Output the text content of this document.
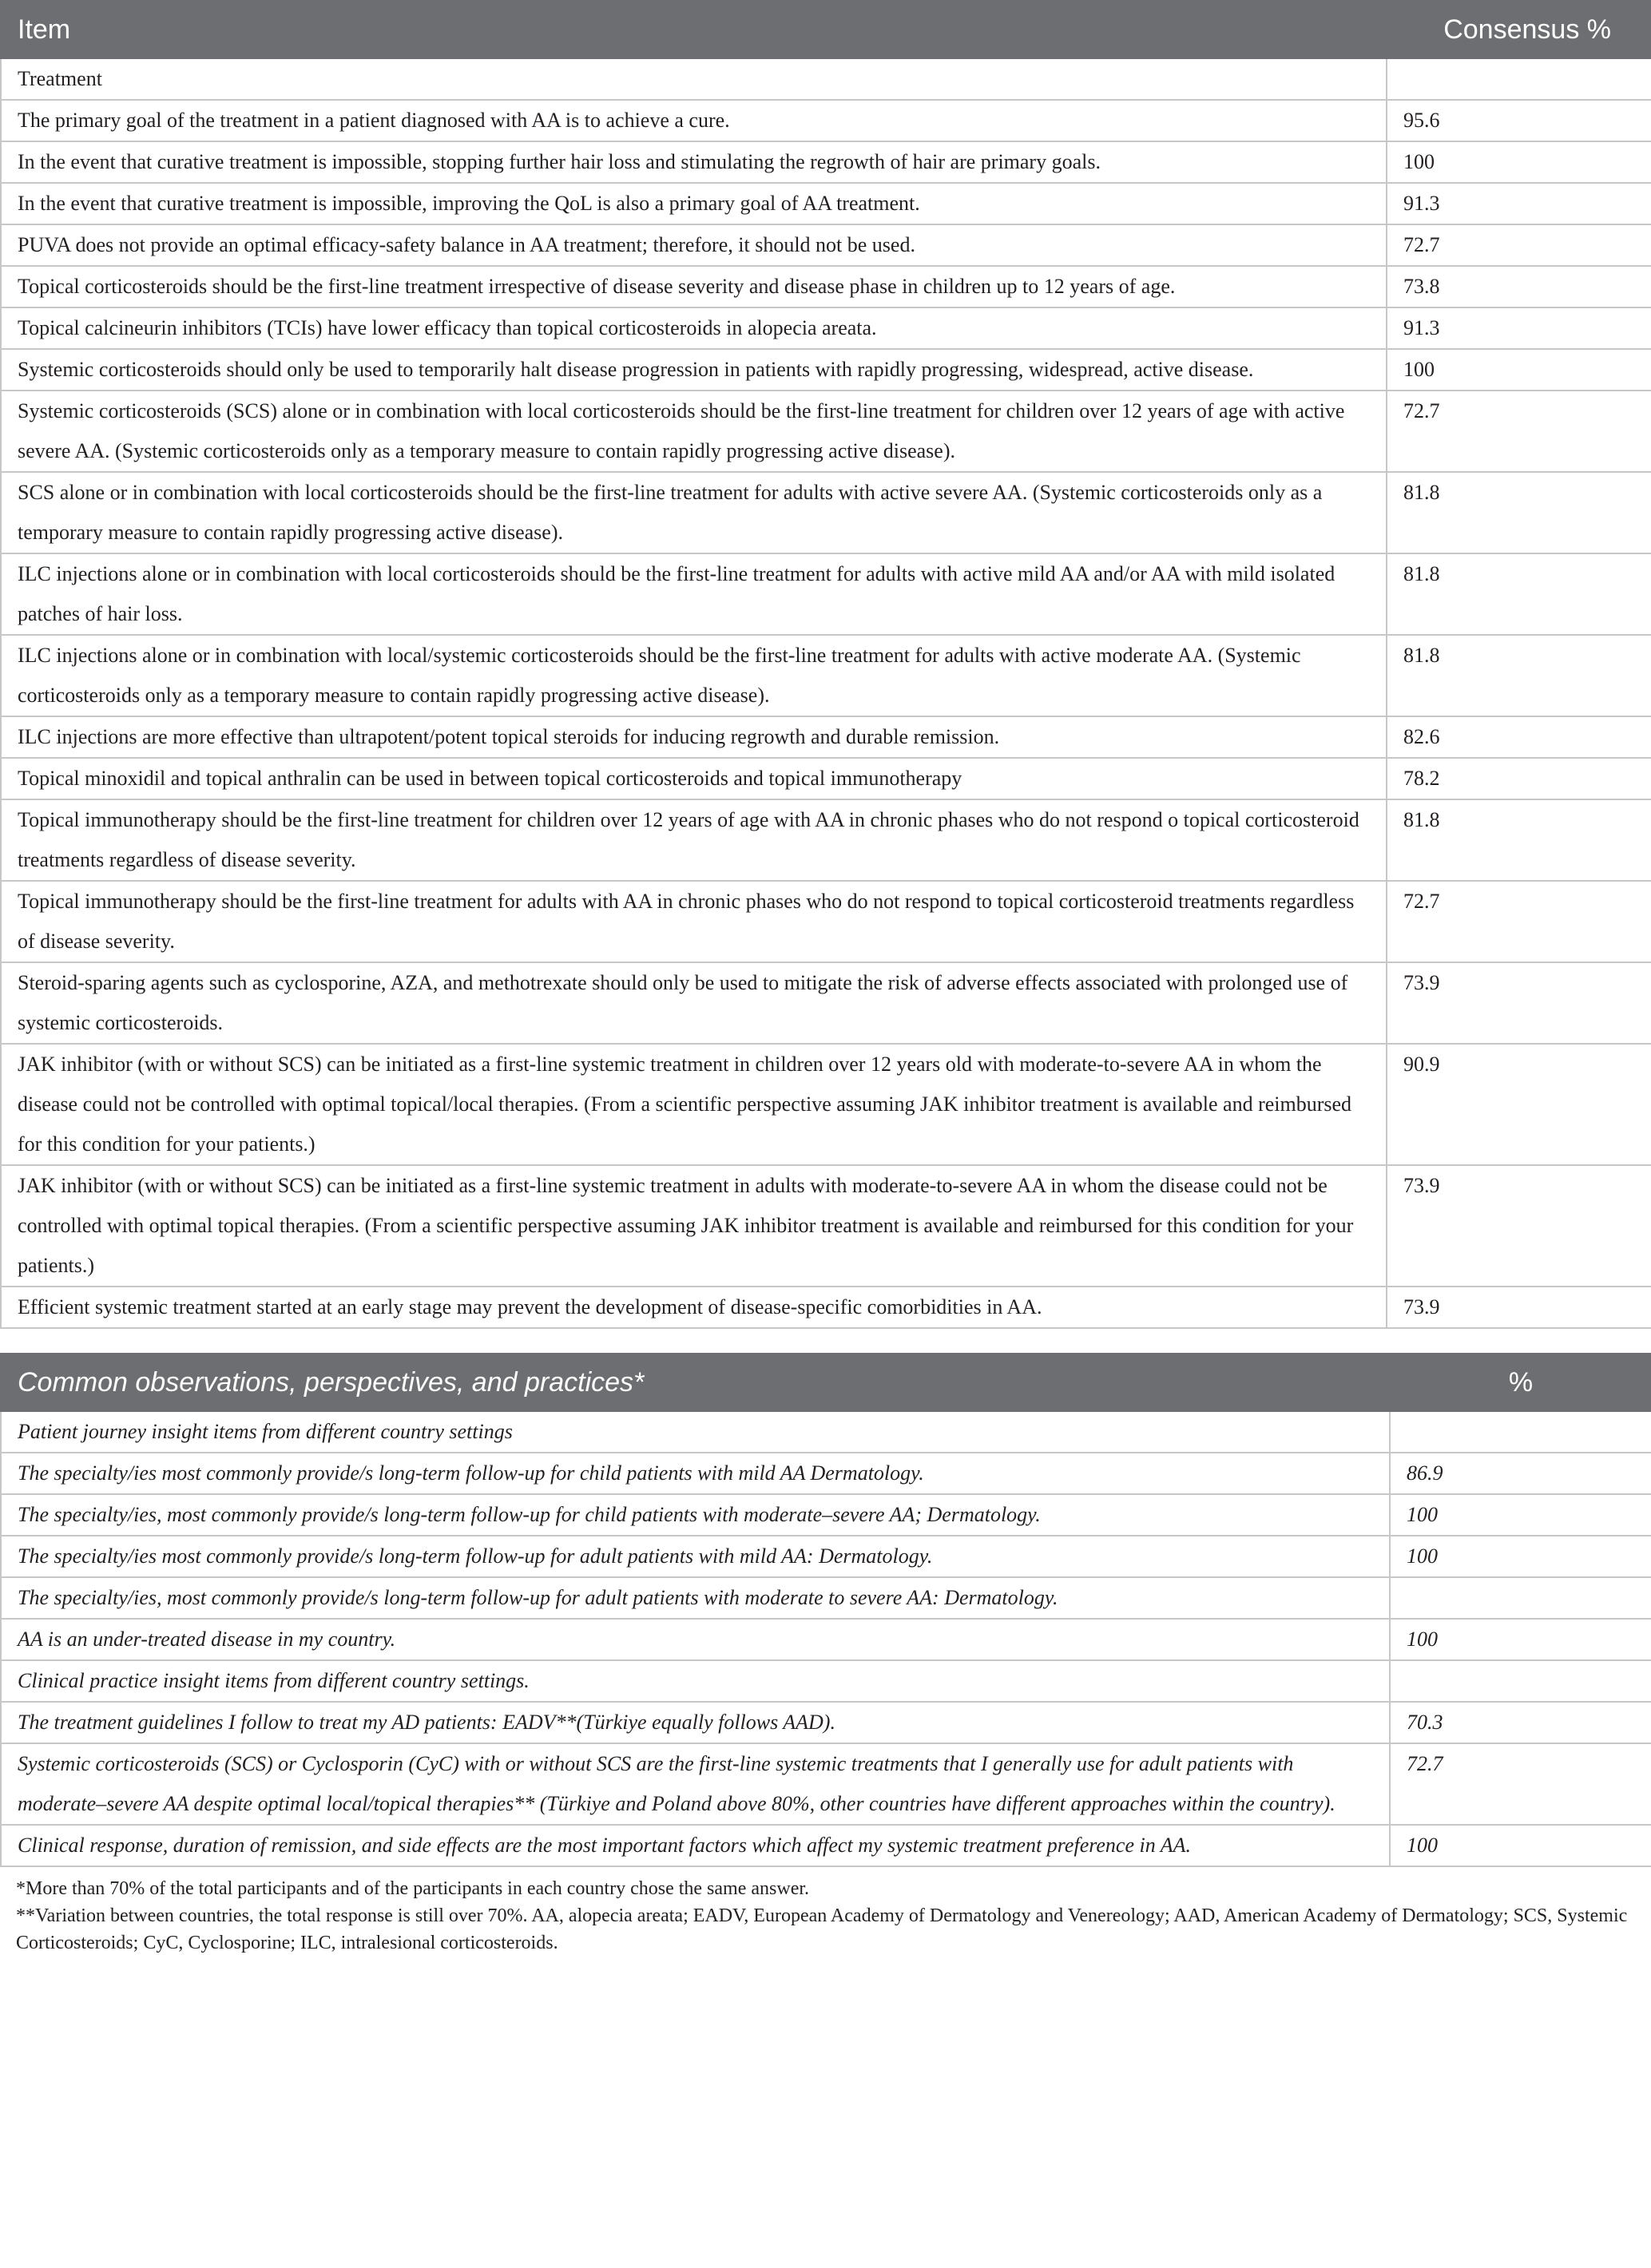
Item	Consensus %
Treatment	
The primary goal of the treatment in a patient diagnosed with AA is to achieve a cure.	95.6
In the event that curative treatment is impossible, stopping further hair loss and stimulating the regrowth of hair are primary goals.	100
In the event that curative treatment is impossible, improving the QoL is also a primary goal of AA treatment.	91.3
PUVA does not provide an optimal efficacy-safety balance in AA treatment; therefore, it should not be used.	72.7
Topical corticosteroids should be the first-line treatment irrespective of disease severity and disease phase in children up to 12 years of age.	73.8
Topical calcineurin inhibitors (TCIs) have lower efficacy than topical corticosteroids in alopecia areata.	91.3
Systemic corticosteroids should only be used to temporarily halt disease progression in patients with rapidly progressing, widespread, active disease.	100
Systemic corticosteroids (SCS) alone or in combination with local corticosteroids should be the first-line treatment for children over 12 years of age with active severe AA. (Systemic corticosteroids only as a temporary measure to contain rapidly progressing active disease).	72.7
SCS alone or in combination with local corticosteroids should be the first-line treatment for adults with active severe AA. (Systemic corticosteroids only as a temporary measure to contain rapidly progressing active disease).	81.8
ILC injections alone or in combination with local corticosteroids should be the first-line treatment for adults with active mild AA and/or AA with mild isolated patches of hair loss.	81.8
ILC injections alone or in combination with local/systemic corticosteroids should be the first-line treatment for adults with active moderate AA. (Systemic corticosteroids only as a temporary measure to contain rapidly progressing active disease).	81.8
ILC injections are more effective than ultrapotent/potent topical steroids for inducing regrowth and durable remission.	82.6
Topical minoxidil and topical anthralin can be used in between topical corticosteroids and topical immunotherapy	78.2
Topical immunotherapy should be the first-line treatment for children over 12 years of age with AA in chronic phases who do not respond o topical corticosteroid treatments regardless of disease severity.	81.8
Topical immunotherapy should be the first-line treatment for adults with AA in chronic phases who do not respond to topical corticosteroid treatments regardless of disease severity.	72.7
Steroid-sparing agents such as cyclosporine, AZA, and methotrexate should only be used to mitigate the risk of adverse effects associated with prolonged use of systemic corticosteroids.	73.9
JAK inhibitor (with or without SCS) can be initiated as a first-line systemic treatment in children over 12 years old with moderate-to-severe AA in whom the disease could not be controlled with optimal topical/local therapies. (From a scientific perspective assuming JAK inhibitor treatment is available and reimbursed for this condition for your patients.)	90.9
JAK inhibitor (with or without SCS) can be initiated as a first-line systemic treatment in adults with moderate-to-severe AA in whom the disease could not be controlled with optimal topical therapies. (From a scientific perspective assuming JAK inhibitor treatment is available and reimbursed for this condition for your patients.)	73.9
Efficient systemic treatment started at an early stage may prevent the development of disease-specific comorbidities in AA.	73.9
Common observations, perspectives, and practices*	%
Patient journey insight items from different country settings	
The specialty/ies most commonly provide/s long-term follow-up for child patients with mild AA Dermatology.	86.9
The specialty/ies, most commonly provide/s long-term follow-up for child patients with moderate–severe AA; Dermatology.	100
The specialty/ies most commonly provide/s long-term follow-up for adult patients with mild AA: Dermatology.	100
The specialty/ies, most commonly provide/s long-term follow-up for adult patients with moderate to severe AA: Dermatology.	
AA is an under-treated disease in my country.	100
Clinical practice insight items from different country settings.	
The treatment guidelines I follow to treat my AD patients: EADV**(Türkiye equally follows AAD).	70.3
Systemic corticosteroids (SCS) or Cyclosporin (CyC) with or without SCS are the first-line systemic treatments that I generally use for adult patients with moderate–severe AA despite optimal local/topical therapies** (Türkiye and Poland above 80%, other countries have different approaches within the country).	72.7
Clinical response, duration of remission, and side effects are the most important factors which affect my systemic treatment preference in AA.	100

*More than 70% of the total participants and of the participants in each country chose the same answer.

**Variation between countries, the total response is still over 70%. AA, alopecia areata; EADV, European Academy of Dermatology and Venereology; AAD, American Academy of Dermatology; SCS, Systemic Corticosteroids; CyC, Cyclosporine; ILC, intralesional corticosteroids.
